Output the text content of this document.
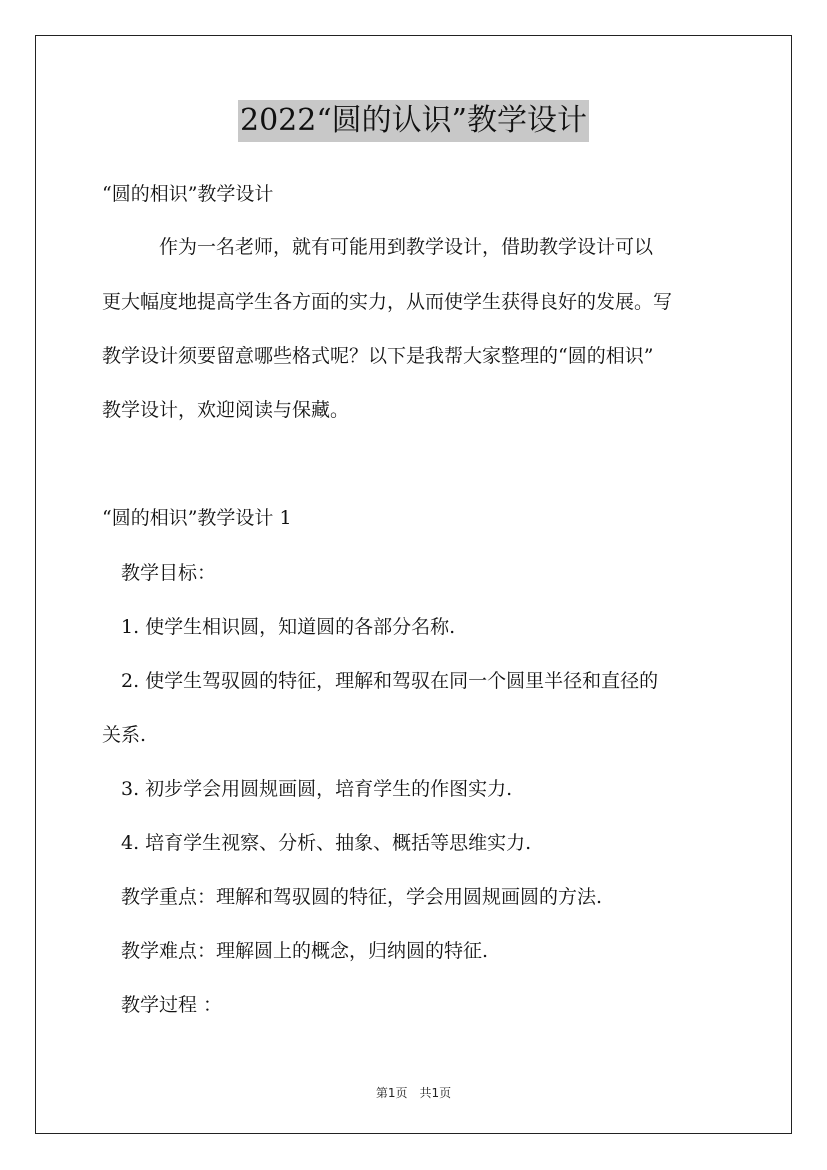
2022“圆的认识”教学设计
“圆的相识”教学设计
　　　作为一名老师，就有可能用到教学设计，借助教学设计可以
更大幅度地提高学生各方面的实力，从而使学生获得良好的发展。写
教学设计须要留意哪些格式呢？以下是我帮大家整理的“圆的相识”
教学设计，欢迎阅读与保藏。
“圆的相识”教学设计 1
　教学目标：
　1. 使学生相识圆，知道圆的各部分名称.
　2. 使学生驾驭圆的特征，理解和驾驭在同一个圆里半径和直径的
关系.
　3. 初步学会用圆规画圆，培育学生的作图实力.
　4. 培育学生视察、分析、抽象、概括等思维实力.
　教学重点：理解和驾驭圆的特征，学会用圆规画圆的方法.
　教学难点：理解圆上的概念，归纳圆的特征.
　教学过程 ：
第1页　共1页
